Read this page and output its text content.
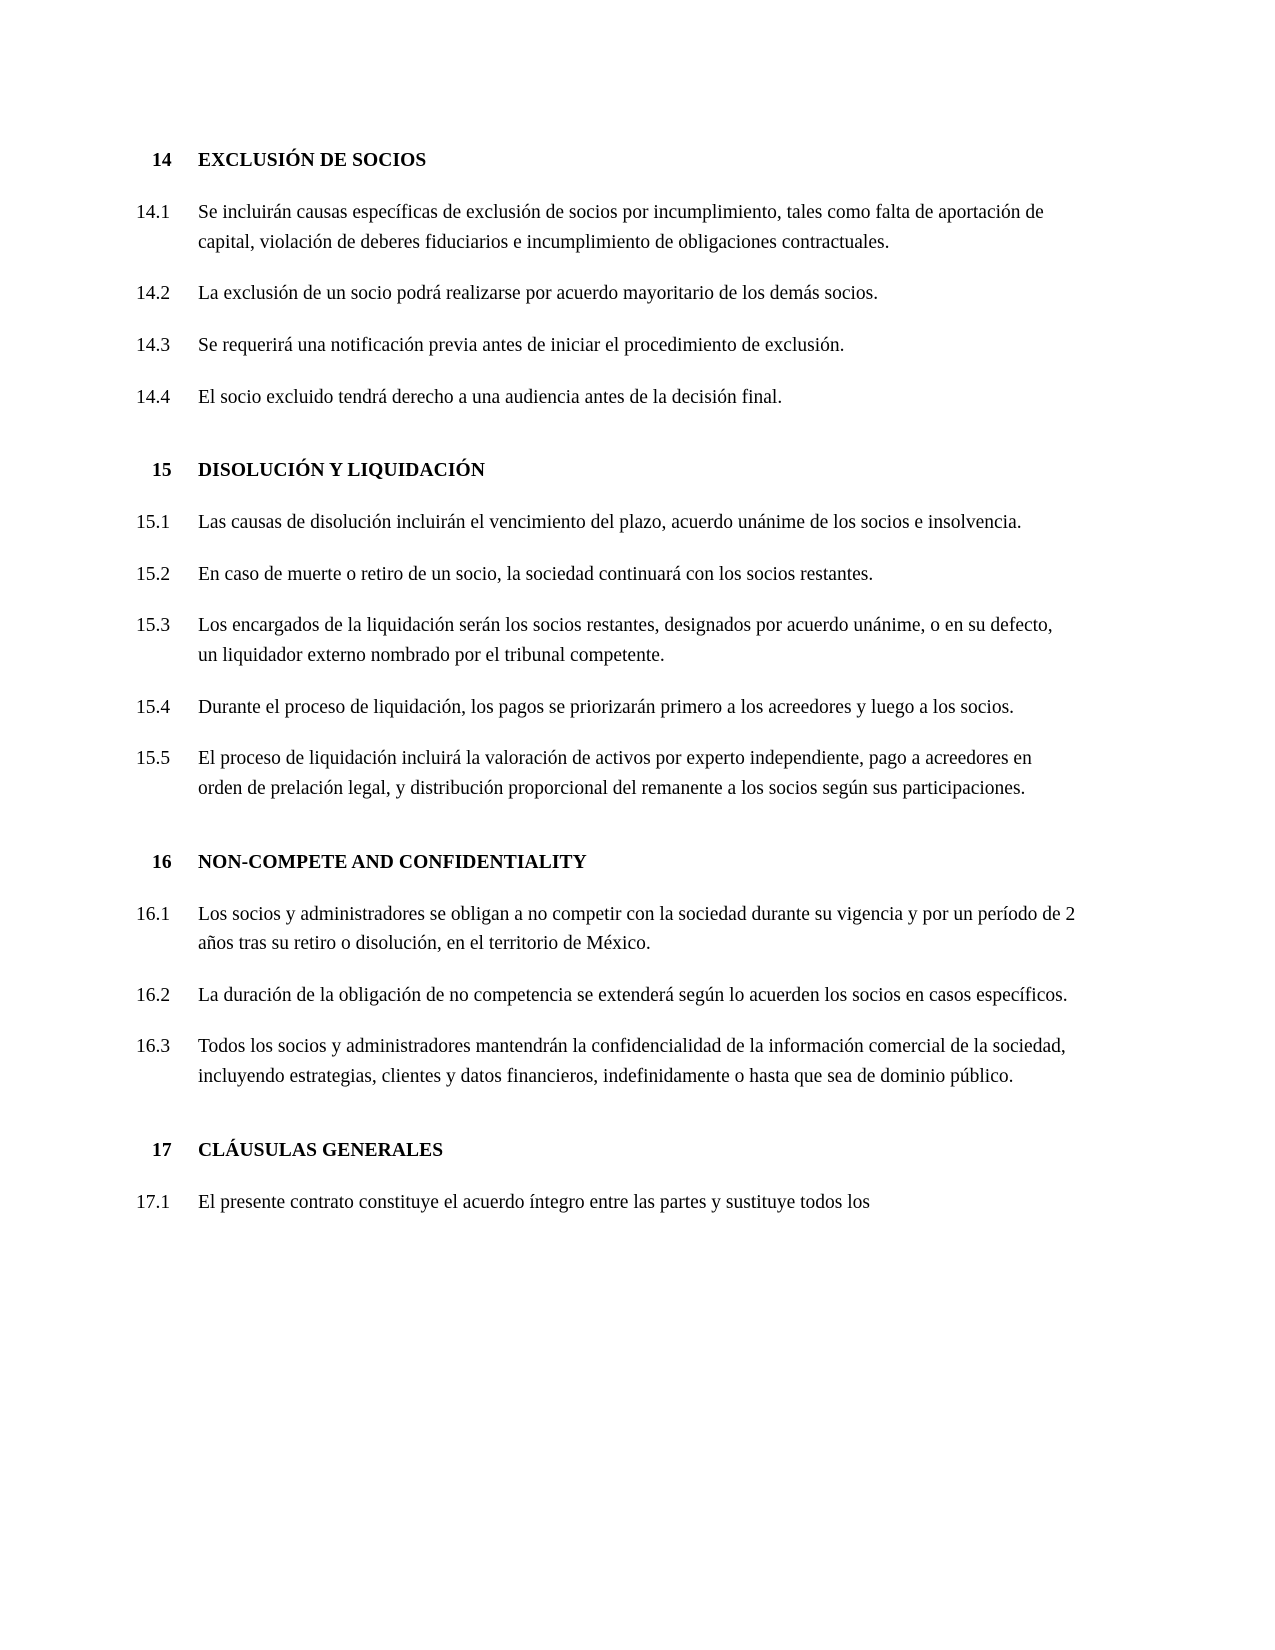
14	EXCLUSIÓN DE SOCIOS
14.1	Se incluirán causas específicas de exclusión de socios por incumplimiento, tales como falta de aportación de capital, violación de deberes fiduciarios e incumplimiento de obligaciones contractuales.
14.2	La exclusión de un socio podrá realizarse por acuerdo mayoritario de los demás socios.
14.3	Se requerirá una notificación previa antes de iniciar el procedimiento de exclusión.
14.4	El socio excluido tendrá derecho a una audiencia antes de la decisión final.
15	DISOLUCIÓN Y LIQUIDACIÓN
15.1	Las causas de disolución incluirán el vencimiento del plazo, acuerdo unánime de los socios e insolvencia.
15.2	En caso de muerte o retiro de un socio, la sociedad continuará con los socios restantes.
15.3	Los encargados de la liquidación serán los socios restantes, designados por acuerdo unánime, o en su defecto, un liquidador externo nombrado por el tribunal competente.
15.4	Durante el proceso de liquidación, los pagos se priorizarán primero a los acreedores y luego a los socios.
15.5	El proceso de liquidación incluirá la valoración de activos por experto independiente, pago a acreedores en orden de prelación legal, y distribución proporcional del remanente a los socios según sus participaciones.
16	NON-COMPETE AND CONFIDENTIALITY
16.1	Los socios y administradores se obligan a no competir con la sociedad durante su vigencia y por un período de 2 años tras su retiro o disolución, en el territorio de México.
16.2	La duración de la obligación de no competencia se extenderá según lo acuerden los socios en casos específicos.
16.3	Todos los socios y administradores mantendrán la confidencialidad de la información comercial de la sociedad, incluyendo estrategias, clientes y datos financieros, indefinidamente o hasta que sea de dominio público.
17	CLÁUSULAS GENERALES
17.1	El presente contrato constituye el acuerdo íntegro entre las partes y sustituye todos los
